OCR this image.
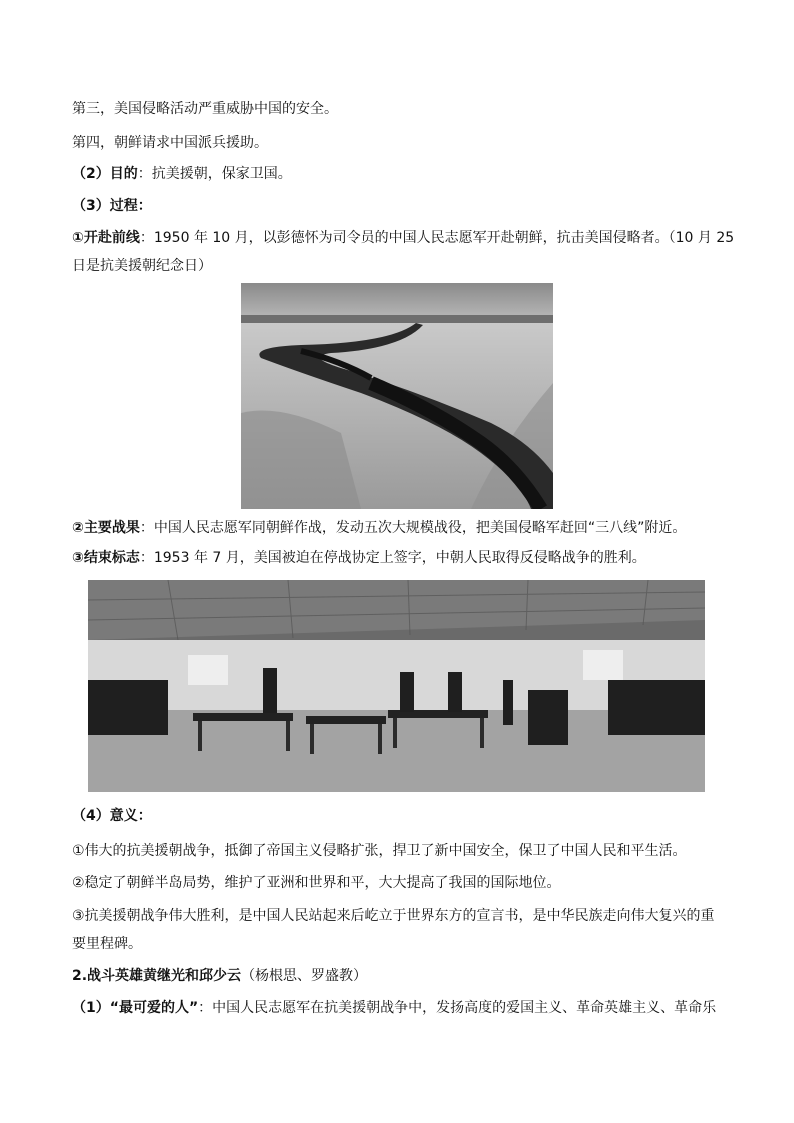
第三，美国侵略活动严重威胁中国的安全。
第四，朝鲜请求中国派兵援助。
（2）目的：抗美援朝，保家卫国。
（3）过程：
①开赴前线：1950 年 10 月，以彭德怀为司令员的中国人民志愿军开赴朝鲜，抗击美国侵略者。（10 月 25
日是抗美援朝纪念日）
②主要战果：中国人民志愿军同朝鲜作战，发动五次大规模战役，把美国侵略军赶回“三八线”附近。
③结束标志：1953 年 7 月，美国被迫在停战协定上签字，中朝人民取得反侵略战争的胜利。
（4）意义：
①伟大的抗美援朝战争，抵御了帝国主义侵略扩张，捍卫了新中国安全，保卫了中国人民和平生活。
②稳定了朝鲜半岛局势，维护了亚洲和世界和平，大大提高了我国的国际地位。
③抗美援朝战争伟大胜利，是中国人民站起来后屹立于世界东方的宣言书，是中华民族走向伟大复兴的重
要里程碑。
2.战斗英雄黄继光和邱少云（杨根思、罗盛教）
（1）“最可爱的人”：中国人民志愿军在抗美援朝战争中，发扬高度的爱国主义、革命英雄主义、革命乐
